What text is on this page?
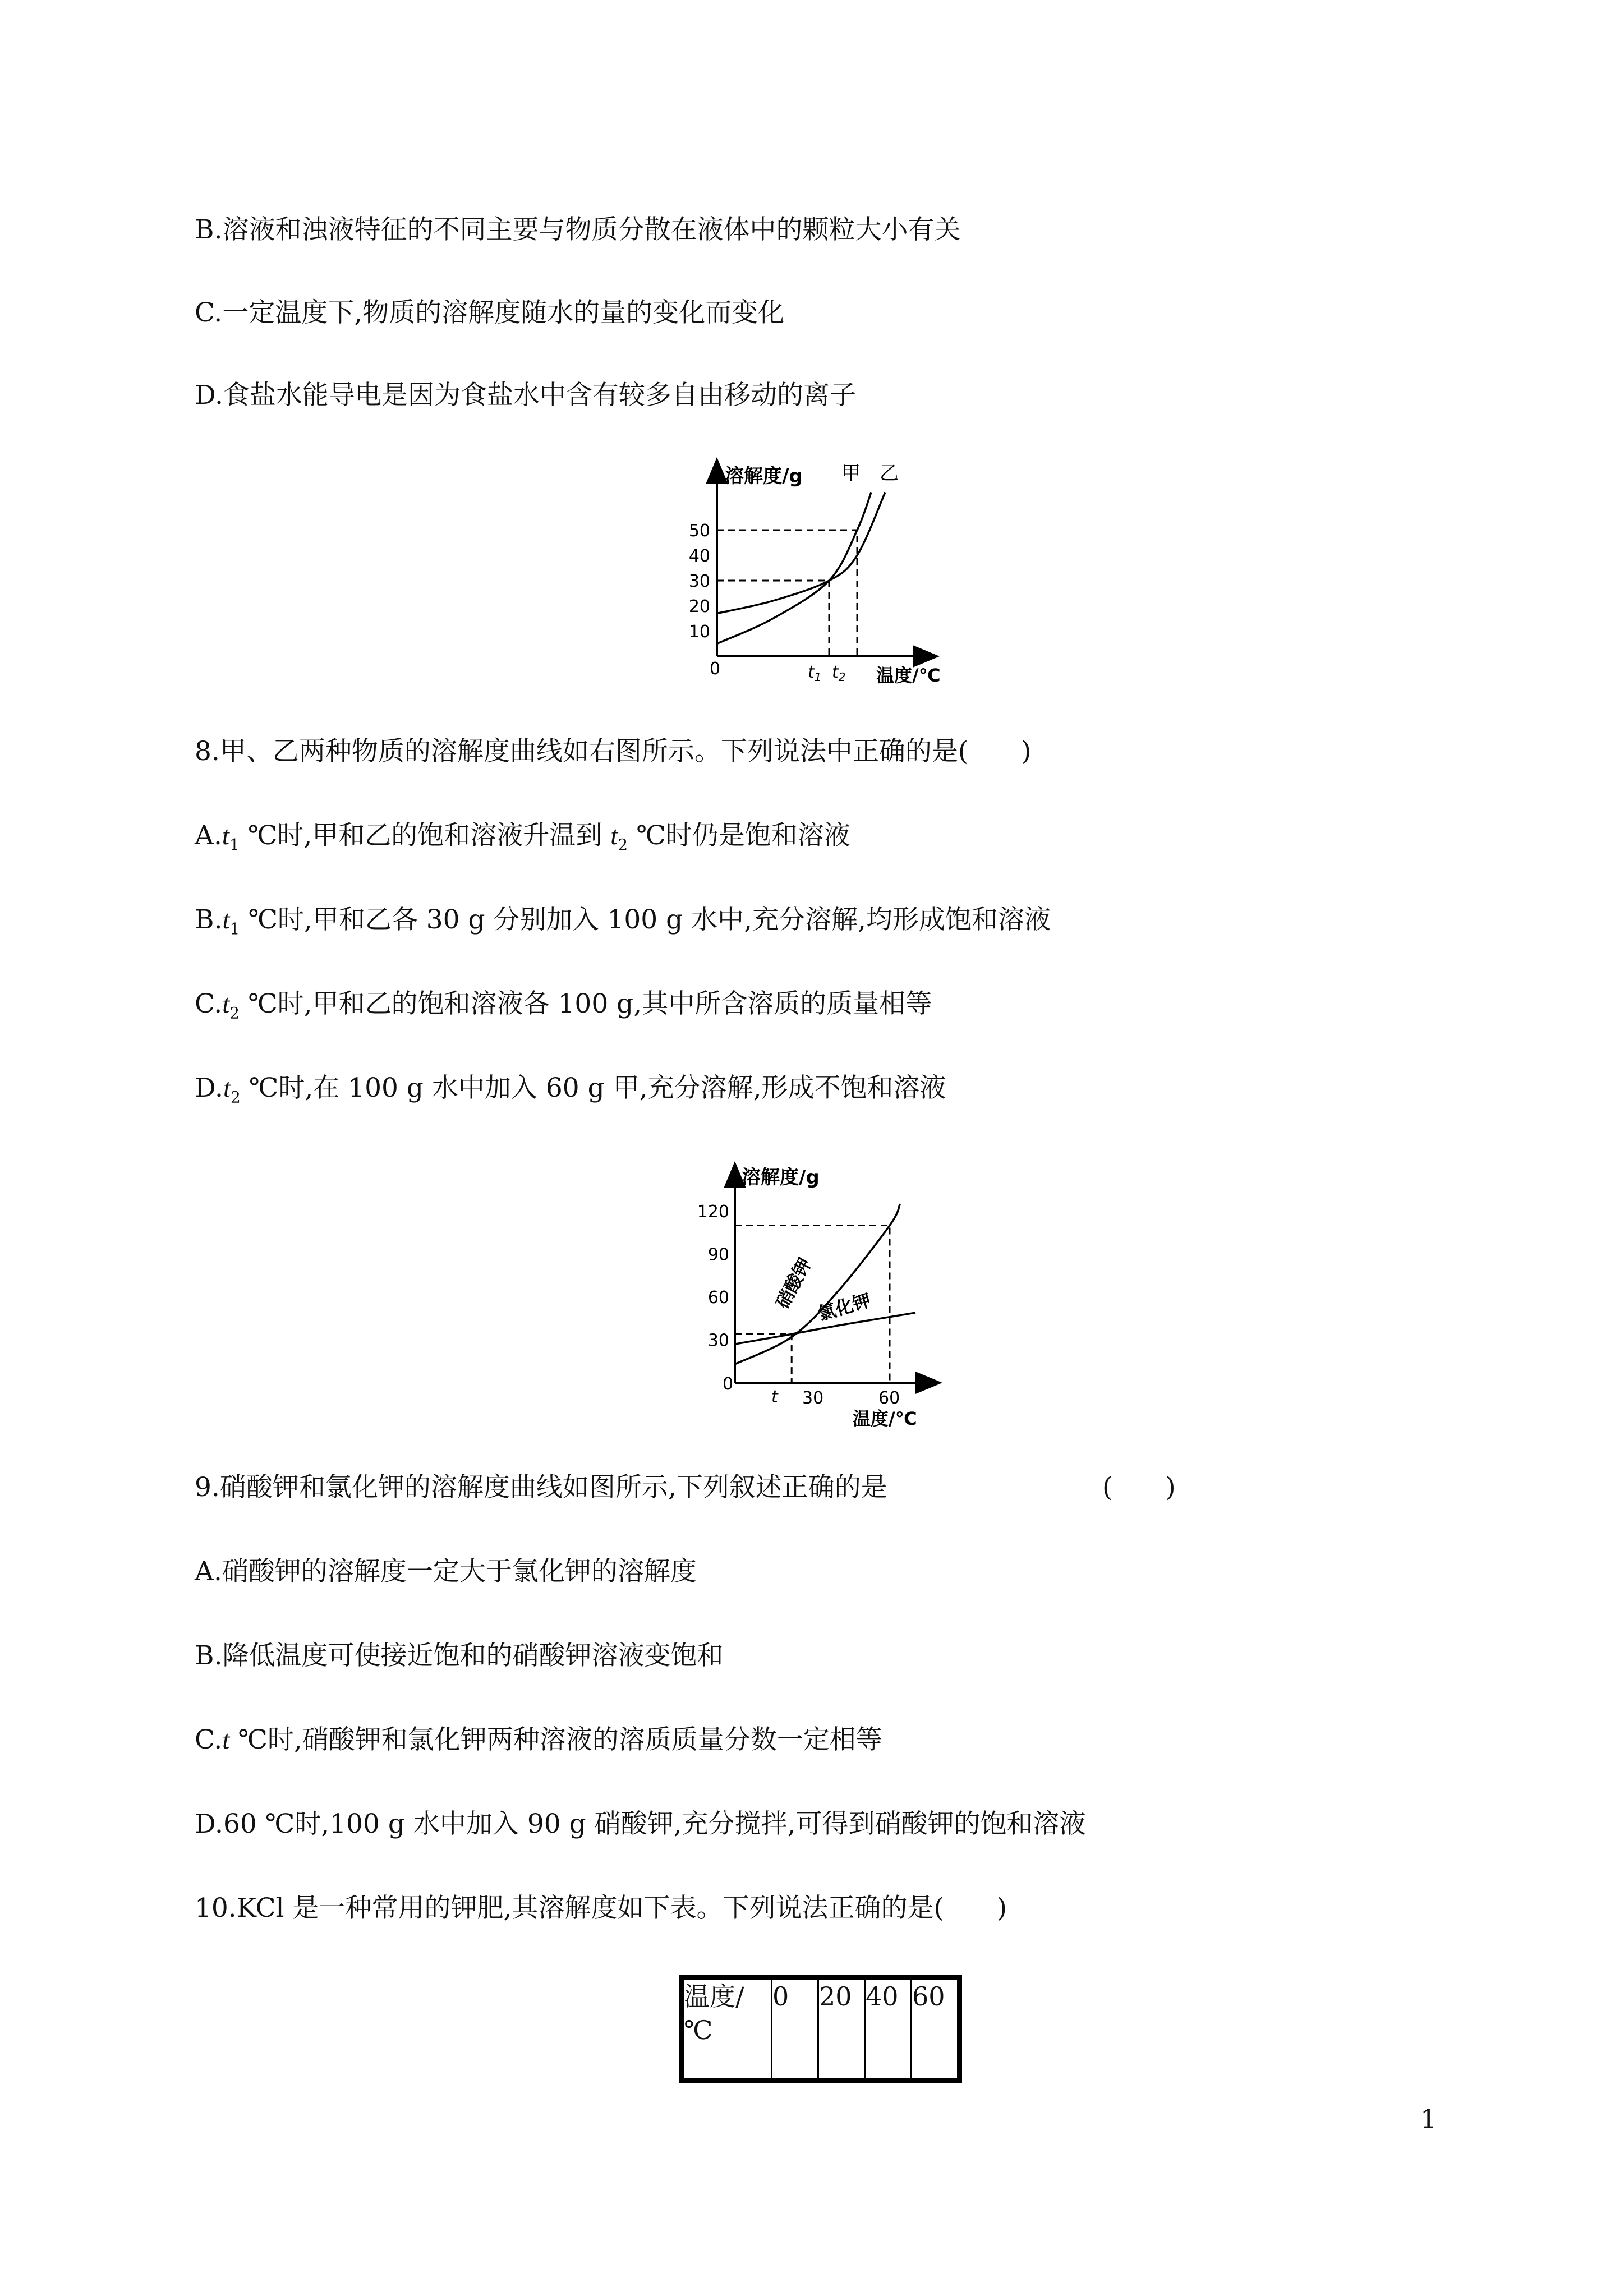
B.溶液和浊液特征的不同主要与物质分散在液体中的颗粒大小有关
C.一定温度下,物质的溶解度随水的量的变化而变化
D.食盐水能导电是因为食盐水中含有较多自由移动的离子
10
20
30
40
50
溶解度/g
温度/℃
0
甲 乙
$t_1$ $t_2$
8.甲、乙两种物质的溶解度曲线如右图所示。下列说法中正确的是(　　)
$A.t_1$ ℃时,甲和乙的饱和溶液升温到 $t_2$ ℃时仍是饱和溶液
$B.t_1$ ℃时,甲和乙各 30 g 分别加入 100 g 水中,充分溶解,均形成饱和溶液
$C.t_2$ ℃时,甲和乙的饱和溶液各 100 g,其中所含溶质的质量相等
$D.t_2$ ℃时,在 100 g 水中加入 60 g 甲,充分溶解,形成不饱和溶液
30
60
90
120
30	60
溶解度/g
温度/℃
0
硝酸钾 氯化钾
t
9.硝酸钾和氯化钾的溶解度曲线如图所示,下列叙述正确的是	(　　)
A.硝酸钾的溶解度一定大于氯化钾的溶解度
B.降低温度可使接近饱和的硝酸钾溶液变饱和
C.t ℃时,硝酸钾和氯化钾两种溶液的溶质质量分数一定相等
D.60 ℃时,100 g 水中加入 90 g 硝酸钾,充分搅拌,可得到硝酸钾的饱和溶液
10.KCl 是一种常用的钾肥,其溶解度如下表。下列说法正确的是(　　)
温度/℃	0	20	40	60
1
